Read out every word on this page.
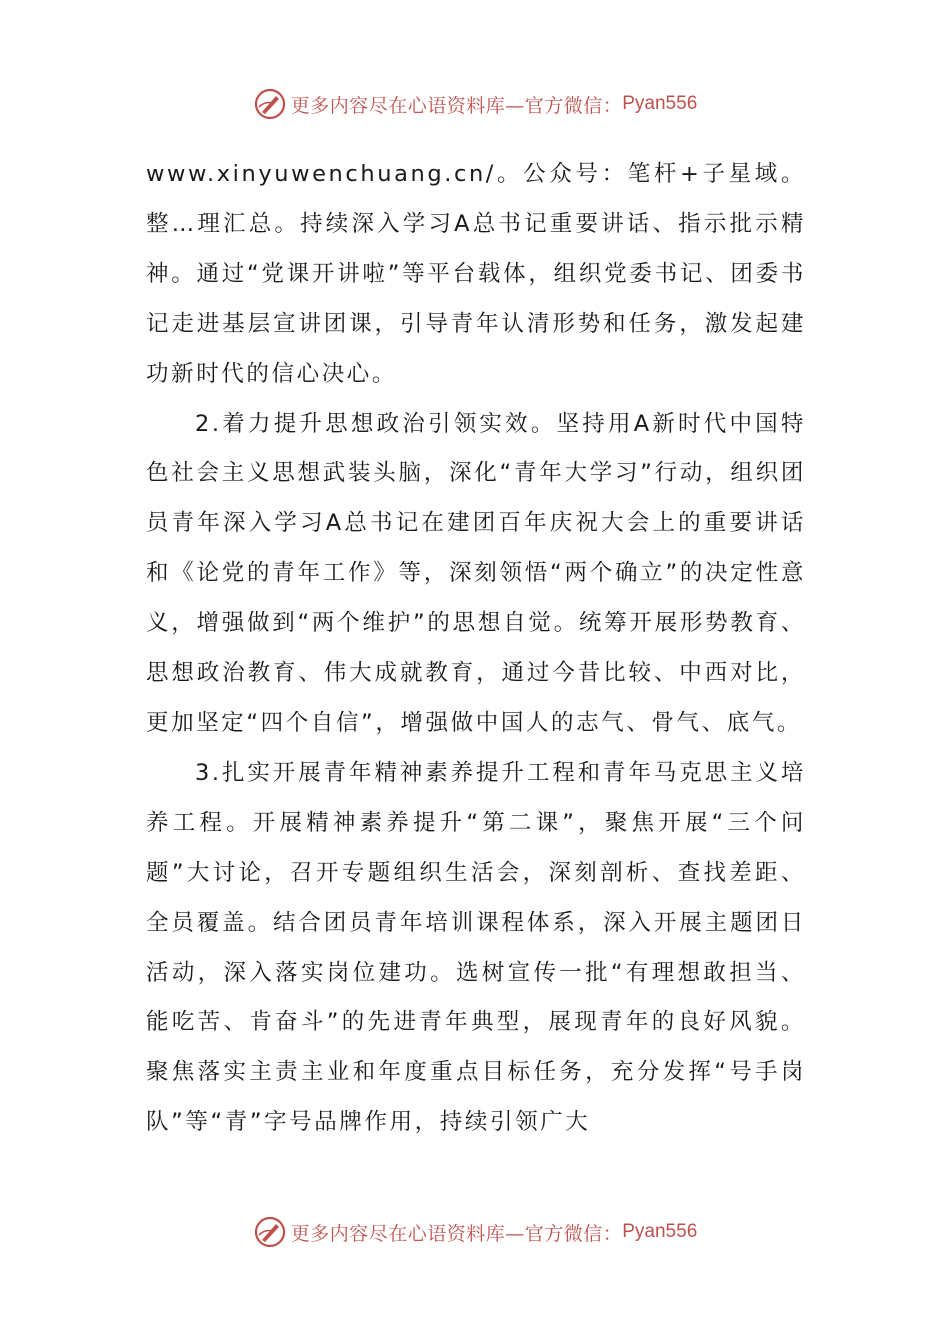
更多内容尽在心语资料库—官方微信： Pyan556

www.xinyuwenchuang.cn/。公众号：笔杆+子星域。整…理汇总。持续深入学习A总书记重要讲话、指示批示精神。通过“党课开讲啦”等平台载体，组织党委书记、团委书记走进基层宣讲团课，引导青年认清形势和任务，激发起建功新时代的信心决心。

2.着力提升思想政治引领实效。坚持用A新时代中国特色社会主义思想武装头脑，深化“青年大学习”行动，组织团员青年深入学习A总书记在建团百年庆祝大会上的重要讲话和《论党的青年工作》等，深刻领悟“两个确立”的决定性意义，增强做到“两个维护”的思想自觉。统筹开展形势教育、思想政治教育、伟大成就教育，通过今昔比较、中西对比，更加坚定“四个自信”，增强做中国人的志气、骨气、底气。

3.扎实开展青年精神素养提升工程和青年马克思主义培养工程。开展精神素养提升“第二课”，聚焦开展“三个问题”大讨论，召开专题组织生活会，深刻剖析、查找差距、全员覆盖。结合团员青年培训课程体系，深入开展主题团日活动，深入落实岗位建功。选树宣传一批“有理想敢担当、能吃苦、肯奋斗”的先进青年典型，展现青年的良好风貌。聚焦落实主责主业和年度重点目标任务，充分发挥“号手岗队”等“青”字号品牌作用，持续引领广大

更多内容尽在心语资料库—官方微信： Pyan556
